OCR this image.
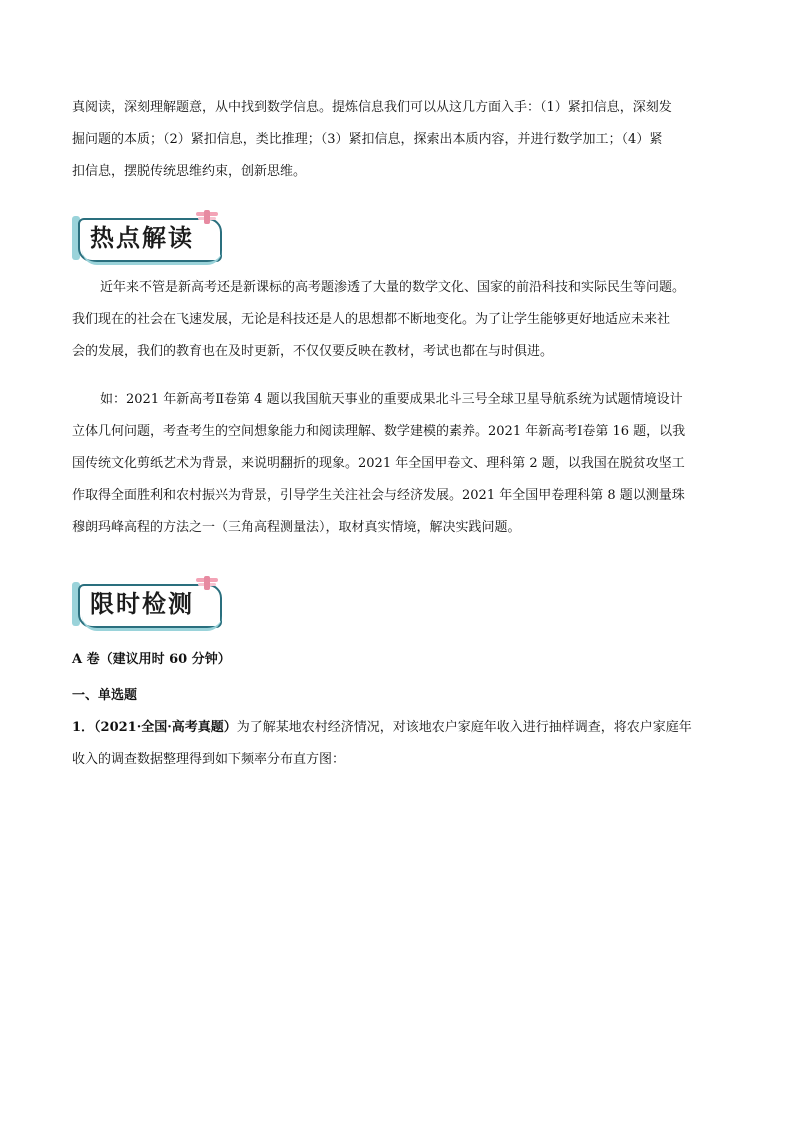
真阅读，深刻理解题意，从中找到数学信息。提炼信息我们可以从这几方面入手：（1）紧扣信息，深刻发
掘问题的本质；（2）紧扣信息，类比推理；（3）紧扣信息，探索出本质内容，并进行数学加工；（4）紧
扣信息，摆脱传统思维约束，创新思维。

热点解读

近年来不管是新高考还是新课标的高考题渗透了大量的数学文化、国家的前沿科技和实际民生等问题。
我们现在的社会在飞速发展，无论是科技还是人的思想都不断地变化。为了让学生能够更好地适应未来社
会的发展，我们的教育也在及时更新，不仅仅要反映在教材，考试也都在与时俱进。

如：2021 年新高考Ⅱ卷第 4 题以我国航天事业的重要成果北斗三号全球卫星导航系统为试题情境设计
立体几何问题，考查考生的空间想象能力和阅读理解、数学建模的素养。2021 年新高考Ⅰ卷第 16 题，以我
国传统文化剪纸艺术为背景，来说明翻折的现象。2021 年全国甲卷文、理科第 2 题，以我国在脱贫攻坚工
作取得全面胜利和农村振兴为背景，引导学生关注社会与经济发展。2021 年全国甲卷理科第 8 题以测量珠
穆朗玛峰高程的方法之一（三角高程测量法），取材真实情境，解决实践问题。

限时检测

A 卷（建议用时 60 分钟）

一、单选题

1．（2021·全国·高考真题）为了解某地农村经济情况，对该地农户家庭年收入进行抽样调查，将农户家庭年
收入的调查数据整理得到如下频率分布直方图：
